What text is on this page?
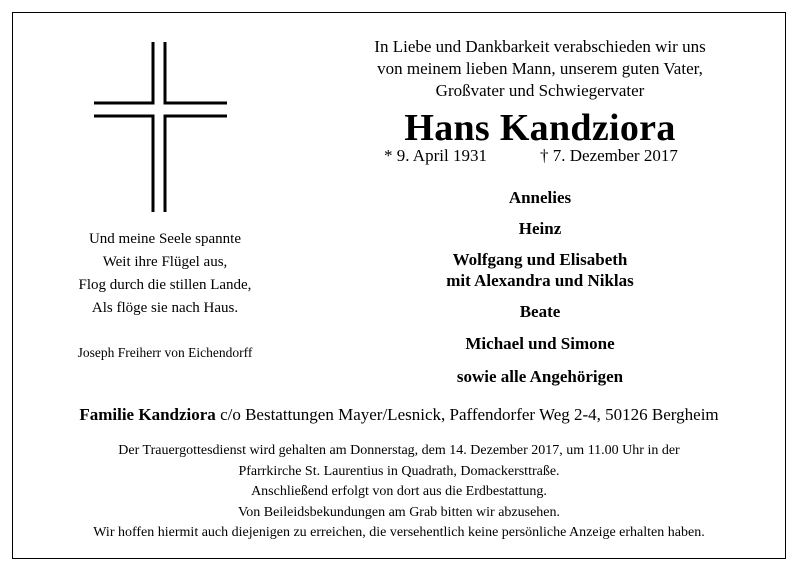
Und meine Seele spannte
Weit ihre Flügel aus,
Flog durch die stillen Lande,
Als flöge sie nach Haus.
Joseph Freiherr von Eichendorff
In Liebe und Dankbarkeit verabschieden wir uns
von meinem lieben Mann, unserem guten Vater,
Großvater und Schwiegervater
Hans Kandziora
* 9. April 1931	† 7. Dezember 2017
Annelies
Heinz
Wolfgang und Elisabeth
mit Alexandra und Niklas
Beate
Michael und Simone
sowie alle Angehörigen
Familie Kandziora c/o Bestattungen Mayer/Lesnick, Paffendorfer Weg 2-4, 50126 Bergheim
Der Trauergottesdienst wird gehalten am Donnerstag, dem 14. Dezember 2017, um 11.00 Uhr in der
Pfarrkirche St. Laurentius in Quadrath, Domackersttraße.
Anschließend erfolgt von dort aus die Erdbestattung.
Von Beileidsbekundungen am Grab bitten wir abzusehen.
Wir hoffen hiermit auch diejenigen zu erreichen, die versehentlich keine persönliche Anzeige erhalten haben.
